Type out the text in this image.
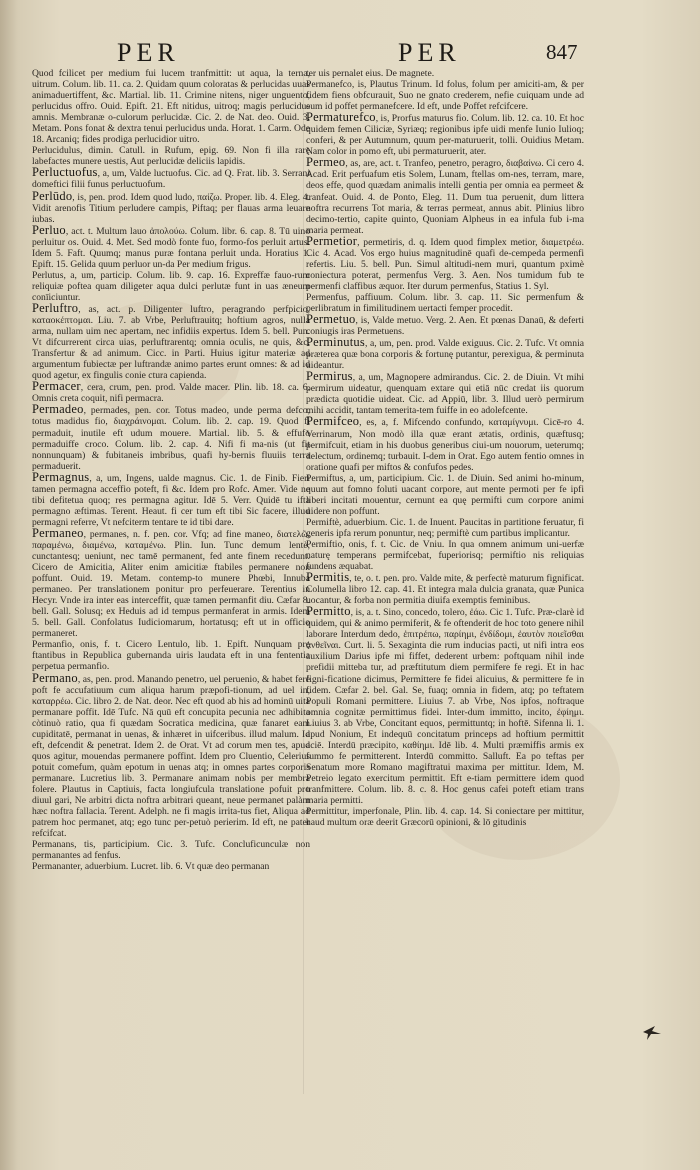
PER	PER	847

Quod fcilicet per medium fui lucem tranfmittit: ut aqua, la terna, uitrum. Colum. lib. 11. ca. 2. Quidam quum coloratas & perlucidas uuas animaduertiffent, &c. Martial. lib. 11. Crimine nitens, niger unguento, perlucidus offro. Ouid. Epift. 21. Eft nitidus, uitroq; magis perlucidus amnis. Membranæ o-culorum perlucidæ. Cic. 2. de Nat. deo. Ouid. 3. Metam. Pons fonat & dextra tenui perlucidus unda. Horat. 1. Carm. Ode 18. Arcaniq; fides prodiga perlucidior uitro.

Perlucidulus, dimin. Catull. in Rufum, epig. 69. Non fi illa rarę labefactes munere uestis, Aut perlucidæ deliciis lapidis.

Perluctuofus, a, um, Valde luctuofus. Cic. ad Q. Frat. lib. 3. Serrani domeftici filii funus perluctuofum.

Perlūdo, is, pen. prod. Idem quod ludo, παίζω. Proper. lib. 4. Eleg. 4. Vidit arenofis Titium perludere campis, Piftaq; per flauas arma leuare iubas.

Perluo, act. t. Multum lauo ἀπολούω. Colum. libr. 6. cap. 8. Tū uino perluitur os. Ouid. 4. Met. Sed modò fonte fuo, formo-fos perluit artus. Idem 5. Faft. Quumq; manus puræ fontana perluit unda. Horatius 1. Epift. 15. Gelida quum perluor un-da Per medium frigus.

Perlutus, a, um, particip. Colum. lib. 9. cap. 16. Expreffæ fauo-rum reliquiæ poftea quam diligeter aqua dulci perlutæ funt in uas æneum conīiciuntur.

Perluftro, as, act. p. Diligenter luftro, peragrando perfpicio, καταοκέπτομαι. Liu. 7. ab Vrbe, Perluftrauitq; hoftium agros, nulla arma, nullam uim nec apertam, nec infidiis expertus. Idem 5. bell. Pun. Vt difcurrerent circa uias, perluftrarentq; omnia oculis, ne quis, &c. Transfertur & ad animum. Cicc. in Parti. Huius igitur materiæ ad argumentum fubiectæ per luftrandæ animo partes erunt omnes: & ad id quod agetur, ex fingulis conie ctura capienda.

Permacer, cera, crum, pen. prod. Valde macer. Plin. lib. 18. ca. 6. Omnis creta coquit, nifi permacra.

Permadeo, permades, pen. cor. Totus madeo, unde perma defco, totus madidus fio, διαχράινομαι. Colum. lib. 2. cap. 19. Quod fi permaduit, inutile eft udum mouere. Martial. lib. 5. & effufo permaduiffe croco. Colum. lib. 2. cap. 4. Nifi fi ma-nis (ut fit nonnunquam) & fubitaneis imbribus, quafi hy-bernis fluuiis terra permaduerit.

Permagnus, a, um, Ingens, ualde magnus. Cic. 1. de Finib. Fieri tamen permagna acceffio poteft, fi &c. Idem pro Rofc. Amer. Vide ne tibi defitetua quoq; res permagna agitur. Idē 5. Verr. Quidē tu ifta permagno æftimas. Terent. Heaut. fi cer tum eft tibi Sic facere, illud permagni referre, Vt nefciterm tentare te id tibi dare.

Permaneo, permanes, n. f. pen. cor. Vfq; ad fine maneo, διατελῶ, παραμένω, διαμένω, καταμένω. Plin. Iun. Tunc demum lentè, cunctantesq; ueniunt, nec tamē permanent, fed ante finem recedunt. Cicero de Amicitia, Aliter enim amicitiæ ftabiles permanere non poffunt. Ouid. 19. Metam. contemp-to munere Phœbi, Innuba permaneo. Per translationem ponitur pro perfeuerare. Terentius in Hecyr. Vnde ira inter eas interceffit, quæ tamen permanfit diu. Cæfar 8. bell. Gall. Solusq; ex Heduis ad id tempus permanferat in armis. Idem 5. bell. Gall. Confolatus Iudiciomarum, hortatusq; eft ut in officio permaneret.

Permanfio, onis, f. t. Cicero Lentulo, lib. 1. Epift. Nunquam prę ftantibus in Republica gubernanda uiris laudata eft in una fententia perpetua permanfio.

Permano, as, pen. prod. Manando penetro, uel peruenio, & habet ferè poft fe accufatiuum cum aliqua harum præpofi-tionum, ad uel in, καταρρέω. Cic. libro 2. de Nat. deor. Nec eft quod ab his ad hominū uita permanare poffit. Idē Tufc. Nā quū eft concupita pecunia nec adhibita còtinuò ratio, qua fi quædam Socratica medicina, quæ fanaret eam cupiditatē, permanat in uenas, & inhæret in uifceribus. illud malum. Id eft, defcendit & penetrat. Idem 2. de Orat. Vt ad corum men tes, apud quos agitur, mouendas permanere poffint. Idem pro Cluentio, Celerius potuit comefum, quàm epotum in uenas atq; in omnes partes corporis permanare. Lucretius lib. 3. Permanare animam nobis per membra folere. Plautus in Captiuis, facta longiufcula translatione pofuit pro diuul gari, Ne arbitri dicta noftra arbitrari queant, neue permanet palàm hæc noftra fallacia. Terent. Adelph. ne fi magis irrita-tus fiet, Aliqua ad patrem hoc permanet, atq; ego tunc per-petuò perierim. Id eft, ne pater refcifcat.

Permanans, tis, participium. Cic. 3. Tufc. Concluficunculæ non permanantes ad fenfus.

Permananter, aduerbium. Lucret. lib. 6. Vt quæ deo permanan

ter uis pernalet eius. De magnete.

Permanefco, is, Plautus Trinum. Id folus, folum per amiciti-am, & per fidem fiens obfcurauit, Suo ne gnato crederem, nefie cuiquam unde ad eum id poffet permanefcere. Id eft, unde Poffet refcifcere.

Permaturefco, is, Prorfus maturus fio. Colum. lib. 12. ca. 10. Et hoc quidem femen Ciliciæ, Syriæq; regionibus ipfe uidi menfe Iunio Iulioq; conferi, & per Autumnum, quum per-maturuerit, tolli. Ouidius Metam. Nam color in pomo eft, ubi permaturuerit, ater.

Permeo, as, are, act. t. Tranfeo, penetro, peragro, διαβαίνω. Ci cero 4. Acad. Erit perfuafum etis Solem, Lunam, ftellas om-nes, terram, mare, deos effe, quod quædam animalis intelli gentia per omnia ea permeet & tranfeat. Ouid. 4. de Ponto, Eleg. 11. Dum tua peruenit, dum littera noftra recurrens Tot maria, & terras permeat, annus abit. Plinius libro decimo-tertio, capite quinto, Quoniam Alpheus in ea infula fub i-ma maria permeat.

Permetior, permetiris, d. q. Idem quod fimplex metior, διαμετρέω. Cic 4. Acad. Vos ergo huius magnitudinē quafi de-cempeda permenfi refertis. Liu. 5. bell. Pun. Simul altitudi-nem muri, quantum pximè coniectura poterat, permenfus Verg. 3. Aen. Nos tumidum fub te permenfi claffibus æquor. Iter durum permenfus, Statius 1. Syl.

Permenfus, paffiuum. Colum. libr. 3. cap. 11. Sic permenfum & perlibratum in fimilitudinem uertacti femper procedit.

Permetuo, is, Valde metuo. Verg. 2. Aen. Et pœnas Danaū, & deferti coniugis iras Permetuens.

Perminutus, a, um, pen. prod. Valde exiguus. Cic. 2. Tufc. Vt omnia præterea quæ bona corporis & fortunę putantur, perexigua, & perminuta uideantur.

Permirus, a, um, Magnopere admirandus. Cic. 2. de Diuin. Vt mihi permirum uideatur, quenquam extare qui etiā nūc credat iis quorum prædicta quotidie uideat. Cic. ad Appiū, libr. 3. Illud uerò permirum mihi accidit, tantam temerita-tem fuiffe in eo adolefcente.

Permifceo, es, a, f. Mifcendo confundo, καταμίγνυμι. Cicē-ro 4. Verrinarum, Non modò illa quæ erant ætatis, ordinis, quæftusq; permifcuit, etiam in his duobus generibus ciui-um nouorum, ueterumq; delectum, ordinemq; turbauit. I-dem in Orat. Ego autem fentio omnes in oratione quafi per miftos & confufos pedes.

Permiftus, a, um, participium. Cic. 1. de Diuin. Sed animi ho-minum, quum aut fomno foluti uacant corpore, aut mente permoti per fe ipfi liberi incitati mouentur, cernunt ea quę permifti cum corpore animi uidere non poffunt.

Permiftè, aduerbium. Cic. 1. de Inuent. Paucitas in partitione feruatur, fi generis ipfa rerum ponuntur, neq; permiftè cum partibus implicantur.

Permiftio, onis, f. t. Cic. de Vniu. In qua omnem animum uni-uerfæ naturę temperans permifcebat, fuperiorisq; permiftio nis reliquias fundens æquabat.

Permitis, te, o. t. pen. pro. Valde mite, & perfectè maturum fignificat. Columella libro 12. cap. 41. Et integra mala dulcia granata, quæ Punica uocantur, & forba non permitia diuifa exemptis feminibus.

Permitto, is, a. t. Sino, concedo, tolero, ἐάω. Cic 1. Tufc. Præ-clarè id quidem, qui & animo permiferit, & fe oftenderit de hoc toto genere nihil laborare Interdum dedo, ἐπιτρέπω, παρίημι, ἐνδίδομι, ἐαυτὸν ποιεῖσθαι ἀνθεῖναι. Curt. li. 5. Sexaginta die rum inducias pacti, ut nifi intra eos auxilium Darius ipfe mi fiffet, dederent urbem: poftquam nihil inde prefidii mitteba tur, ad præftitutum diem permifere fe regi. Et in hac figni-ficatione dicimus, Permittere fe fidei alicuius, & permittere fe in fidem. Cæfar 2. bel. Gal. Se, fuaq; omnia in fidem, atq; po teftatem Populi Romani permittere. Liuius 7. ab Vrbe, Nos ipfos, noftraque omnia cognitæ permittimus fidei. Inter-dum immitto, incito, ἐφίημι. Liuius 3. ab Vrbe, Concitant equos, permittuntq; in hoftē. Sifenna li. 1. apud Nonium, Et indequū concitatum princeps ad hoftium permittit aciē. Interdū præcipito, καθίημι. Idē lib. 4. Multi præmiffis armis ex fummo fe permitterent. Interdū committo. Salluft. Ea po teftas per Senatum more Romano magiftratui maxima per mittitur. Idem, M. Petreio legato exercitum permittit. Eft e-tiam permittere idem quod tranfmittere. Colum. lib. 8. c. 8. Hoc genus cafei poteft etiam trans maria permitti.

Permittitur, imperfonale, Plin. lib. 4. cap. 14. Si coniectare per mittitur, haud multum oræ deerit Græcorū opinioni, & lō gitudinis
